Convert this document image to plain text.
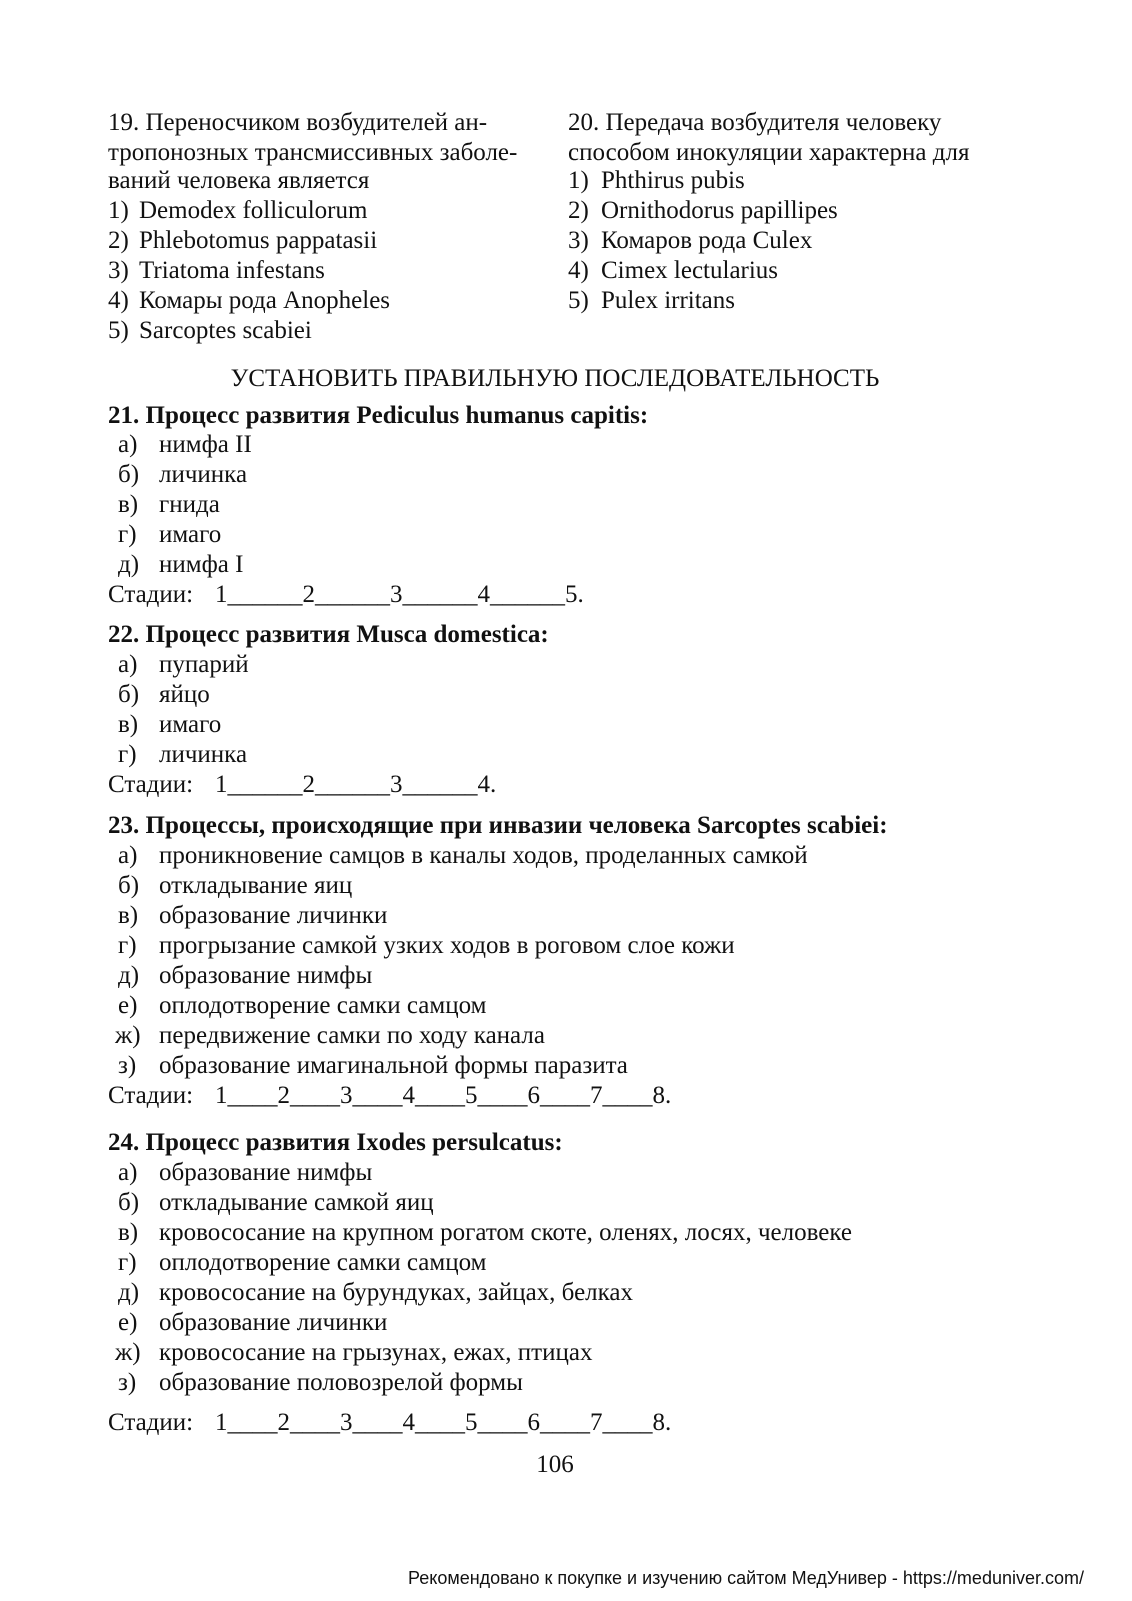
19. Переносчиком возбудителей ан-
тропонозных трансмиссивных заболе-
ваний человека является
1) Demodex folliculorum
2) Phlebotomus pappatasii
3) Triatoma infestans
4) Комары рода Anopheles
5) Sarcoptes scabiei
20. Передача возбудителя человеку
способом инокуляции характерна для
1) Phthirus pubis
2) Ornithodorus papillipes
3) Комаров рода Culex
4) Cimex lectularius
5) Pulex irritans
УСТАНОВИТЬ ПРАВИЛЬНУЮ ПОСЛЕДОВАТЕЛЬНОСТЬ
21. Процесс развития Pediculus humanus capitis:
а) нимфа II
б) личинка
в) гнида
г) имаго
д) нимфа I
Стадии: 1______2______3______4______5.
22. Процесс развития Musca domestica:
а) пупарий
б) яйцо
в) имаго
г) личинка
Стадии: 1______2______3______4.
23. Процессы, происходящие при инвазии человека Sarcoptes scabiei:
а) проникновение самцов в каналы ходов, проделанных самкой
б) откладывание яиц
в) образование личинки
г) прогрызание самкой узких ходов в роговом слое кожи
д) образование нимфы
е) оплодотворение самки самцом
ж) передвижение самки по ходу канала
з) образование имагинальной формы паразита
Стадии: 1____2____3____4____5____6____7____8.
24. Процесс развития Ixodes persulcatus:
а) образование нимфы
б) откладывание самкой яиц
в) кровососание на крупном рогатом скоте, оленях, лосях, человеке
г) оплодотворение самки самцом
д) кровососание на бурундуках, зайцах, белках
е) образование личинки
ж) кровососание на грызунах, ежах, птицах
з) образование половозрелой формы
Стадии: 1____2____3____4____5____6____7____8.
106
Рекомендовано к покупке и изучению сайтом МедУнивер - https://meduniver.com/
